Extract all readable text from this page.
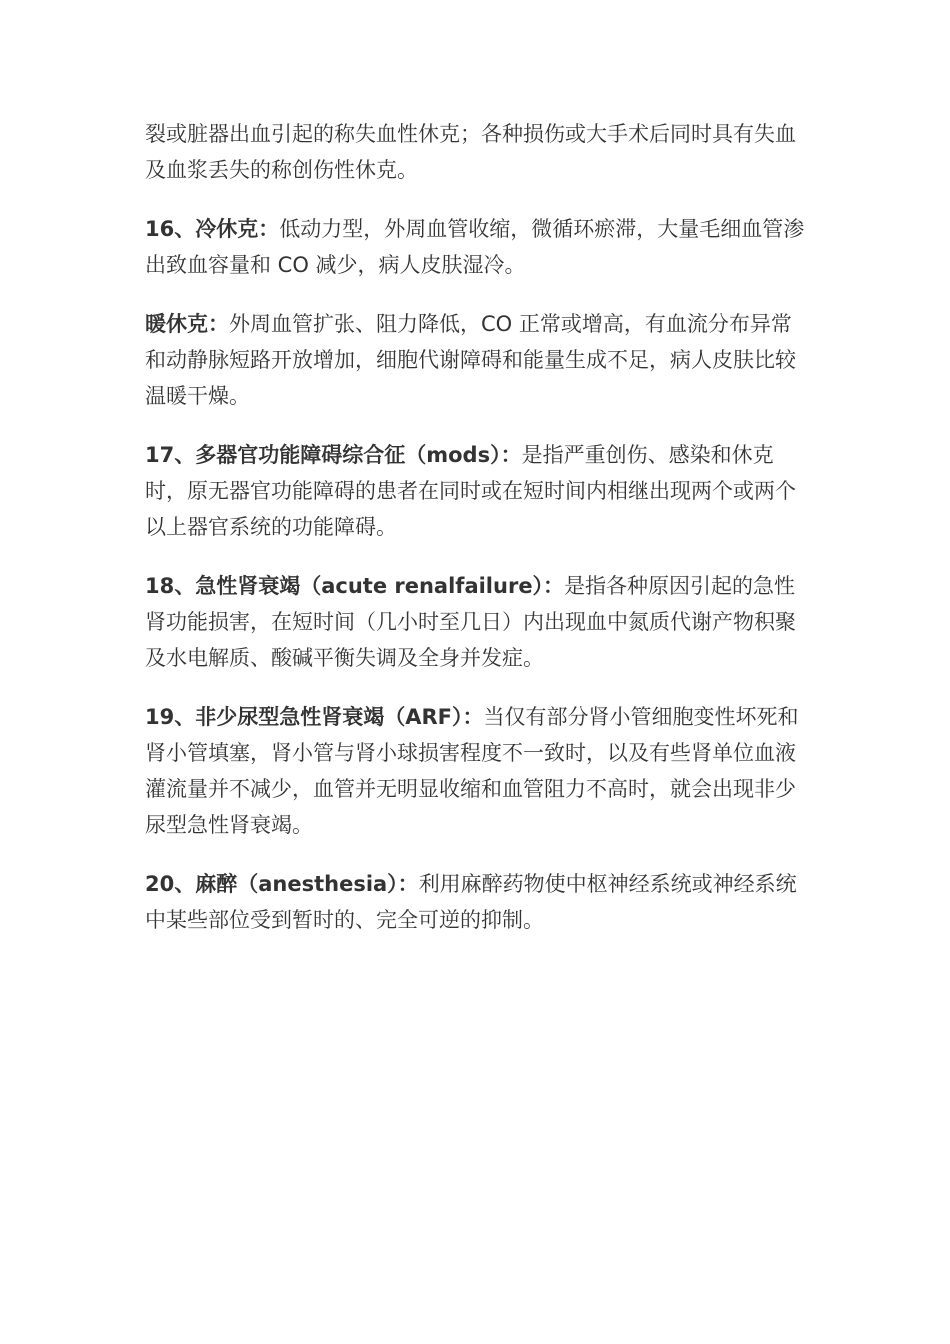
裂或脏器出血引起的称失血性休克；各种损伤或大手术后同时具有失血及血浆丢失的称创伤性休克。

16、冷休克：低动力型，外周血管收缩，微循环瘀滞，大量毛细血管渗出致血容量和 CO 减少，病人皮肤湿冷。

暖休克：外周血管扩张、阻力降低，CO 正常或增高，有血流分布异常和动静脉短路开放增加，细胞代谢障碍和能量生成不足，病人皮肤比较温暖干燥。

17、多器官功能障碍综合征（mods）：是指严重创伤、感染和休克时，原无器官功能障碍的患者在同时或在短时间内相继出现两个或两个以上器官系统的功能障碍。

18、急性肾衰竭（acute renalfailure）：是指各种原因引起的急性肾功能损害，在短时间（几小时至几日）内出现血中氮质代谢产物积聚及水电解质、酸碱平衡失调及全身并发症。

19、非少尿型急性肾衰竭（ARF）：当仅有部分肾小管细胞变性坏死和肾小管填塞，肾小管与肾小球损害程度不一致时，以及有些肾单位血液灌流量并不减少，血管并无明显收缩和血管阻力不高时，就会出现非少尿型急性肾衰竭。

20、麻醉（anesthesia）：利用麻醉药物使中枢神经系统或神经系统中某些部位受到暂时的、完全可逆的抑制。
